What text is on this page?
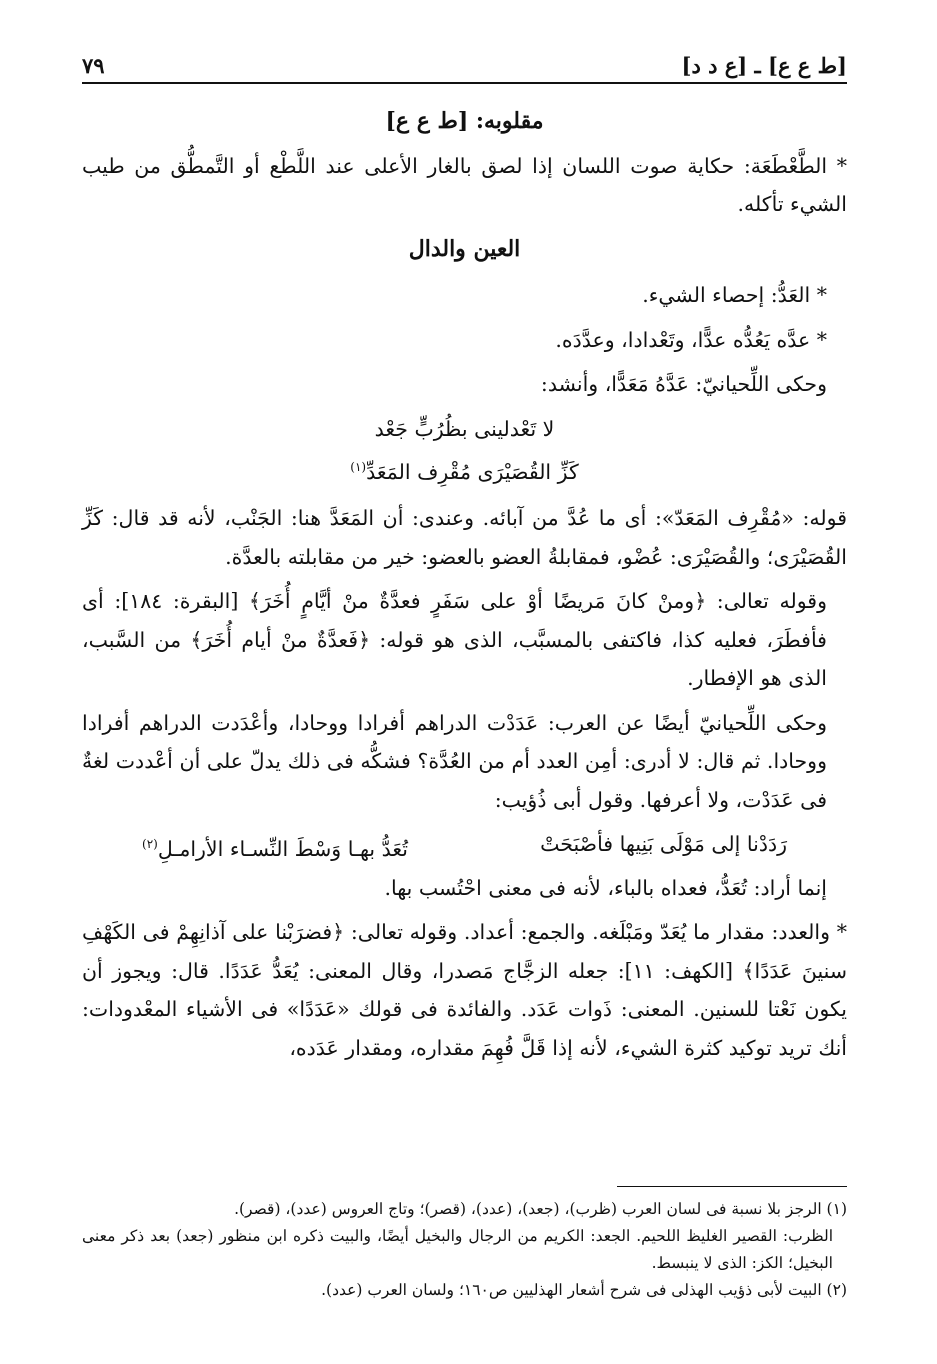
[ط ع ع] ـ [ع د د]
٧٩

مقلوبه: [ط ع ع]

* الطَّعْطَعَة: حكاية صوت اللسان إذا لصق بالغار الأعلى عند اللَّطْع أو التَّمطُّق من طيب الشيء تأكله.

العين والدال

* العَدُّ: إحصاء الشيء.

* عدَّه يَعُدُّه عدًّا، وتَعْدادا، وعدَّدَه.

وحكى اللِّحيانيّ: عَدَّهُ مَعَدًّا، وأنشد:

لا تَعْدلينى بظُرُبٍّ جَعْد

كَزِّ القُصَيْرَى مُقْرِف المَعَدِّ$^{(١)}$

قوله: «مُقْرِف المَعَدّ»: أى ما عُدَّ من آبائه. وعندى: أن المَعَدَّ هنا: الجَنْب، لأنه قد قال: كَزِّ القُصَيْرَى؛ والقُصَيْرَى: عُضْو، فمقابلةُ العضو بالعضو: خير من مقابلته بالعدَّة.

وقوله تعالى: ﴿ومنْ كانَ مَريضًا أوْ على سَفَرٍ فعدَّةٌ منْ أيَّامٍ أُخَرَ﴾ [البقرة: ١٨٤]: أى فأفطَرَ، فعليه كذا، فاكتفى بالمسبَّب، الذى هو قوله: ﴿فَعدَّةٌ منْ أيام أُخَرَ﴾ من السَّبب، الذى هو الإفطار.

وحكى اللِّحيانيّ أيضًا عن العرب: عَدَدْت الدراهم أفرادا ووحادا، وأعْدَدت الدراهم أفرادا ووحادا. ثم قال: لا أدرى: أمِن العدد أم من العُدَّة؟ فشكُّه فى ذلك يدلّ على أن أعْددت لغةٌ فى عَدَدْت، ولا أعرفها. وقول أبى ذُؤيب:

رَدَدْنا إلى مَوْلَى بَنِيها فأصْبَحَتْ
تُعَدُّ بهـا وَسْطَ النِّسـاء الأرامـلِ$^{(٢)}$

إنما أراد: تُعَدُّ، فعداه بالباء، لأنه فى معنى احْتُسب بها.

* والعدد: مقدار ما يُعَدّ ومَبْلَغه. والجمع: أعداد. وقوله تعالى: ﴿فضرَبْنا على آذانِهِمْ فى الكَهْفِ سنينَ عَدَدًا﴾ [الكهف: ١١]: جعله الزجَّاج مَصدرا، وقال المعنى: يُعَدُّ عَدَدًا. قال: ويجوز أن يكون نَعْتا للسنين. المعنى: ذَوات عَدَد. والفائدة فى قولك «عَدَدًا» فى الأشياء المعْدودات: أنك تريد توكيد كثرة الشيء، لأنه إذا قَلَّ فُهِمَ مقداره، ومقدار عَدَده،

(١) الرجز بلا نسبة فى لسان العرب (ظرب)، (جعد)، (عدد)، (قصر)؛ وتاج العروس (عدد)، (قصر).

الظرب: القصير الغليظ اللحيم. الجعد: الكريم من الرجال والبخيل أيضًا، والبيت ذكره ابن منظور (جعد) بعد ذكر معنى البخيل؛ الكز: الذى لا ينبسط.

(٢) البيت لأبى ذؤيب الهذلى فى شرح أشعار الهذليين ص١٦٠؛ ولسان العرب (عدد).
